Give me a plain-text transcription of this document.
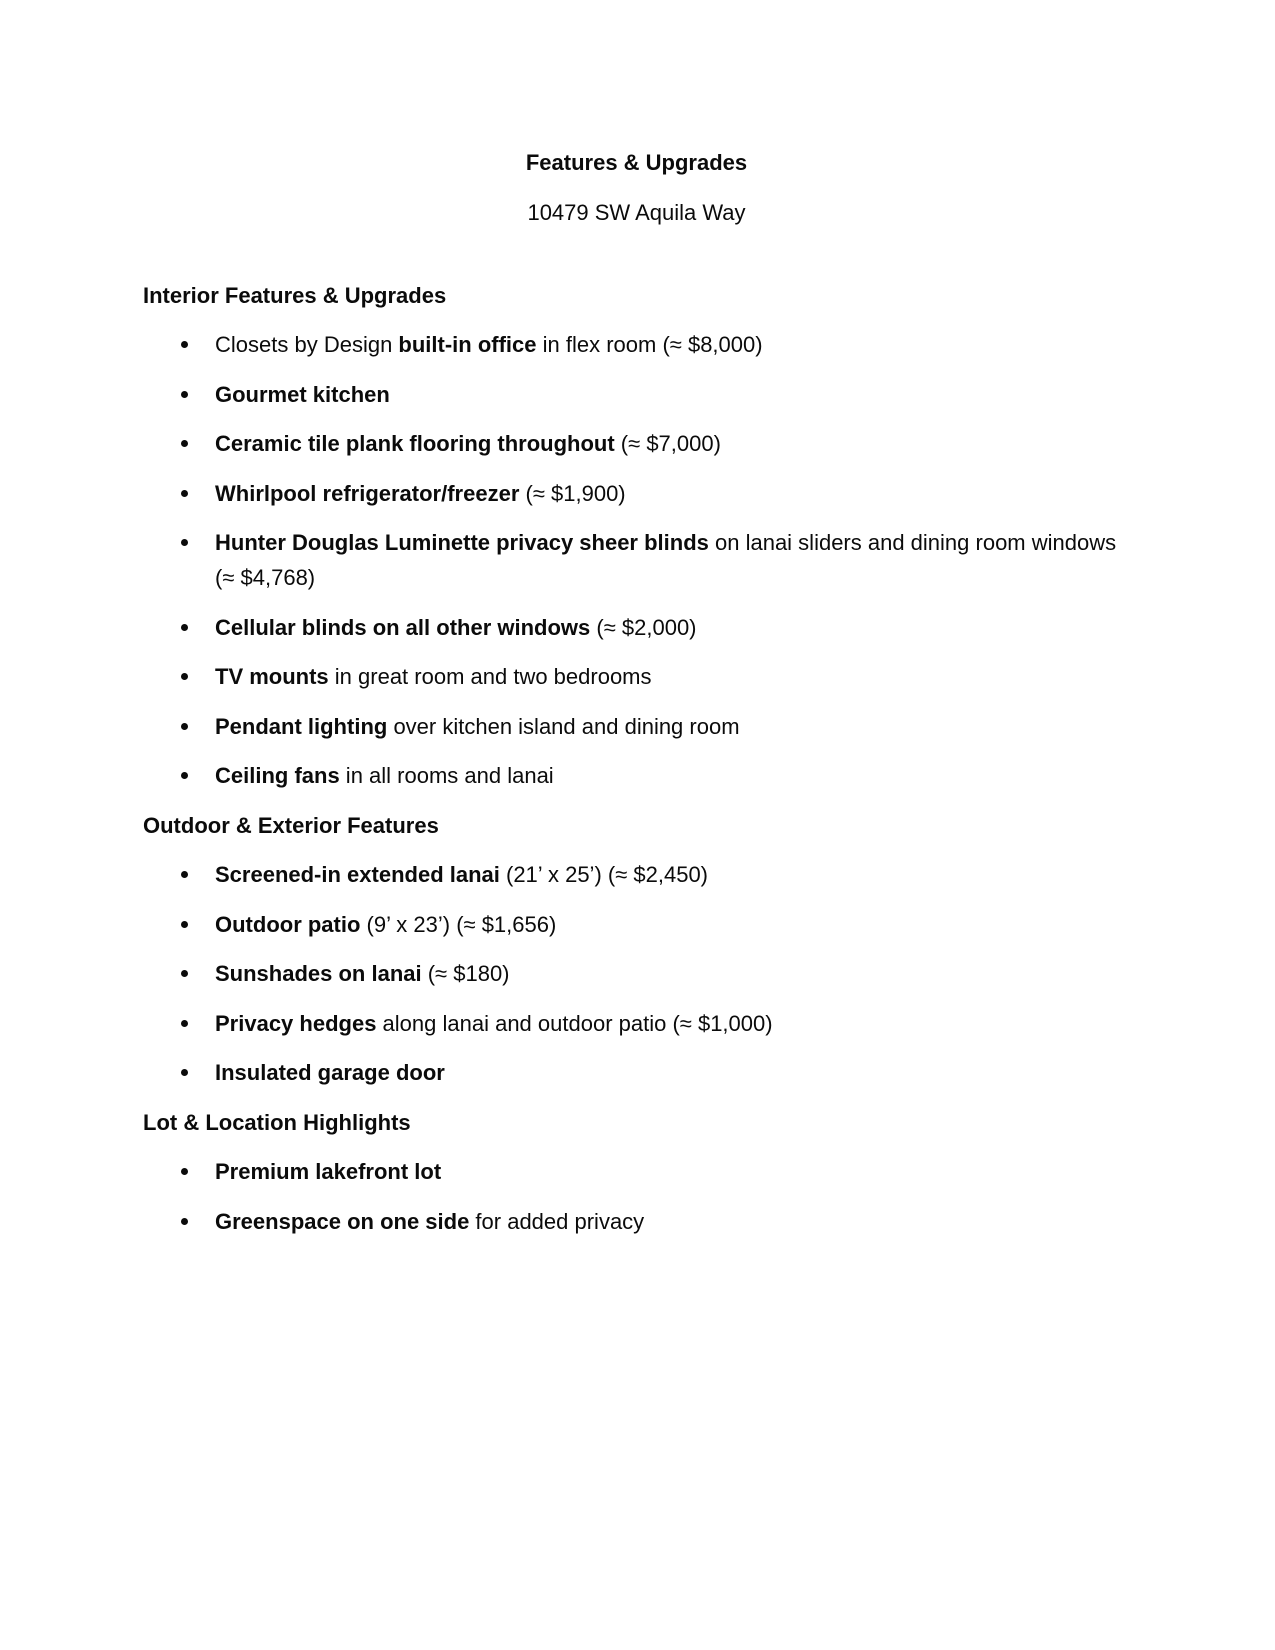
Features & Upgrades

10479 SW Aquila Way

Interior Features & Upgrades

Closets by Design built-in office in flex room (≈ $8,000)
Gourmet kitchen
Ceramic tile plank flooring throughout (≈ $7,000)
Whirlpool refrigerator/freezer (≈ $1,900)
Hunter Douglas Luminette privacy sheer blinds on lanai sliders and dining room windows (≈ $4,768)
Cellular blinds on all other windows (≈ $2,000)
TV mounts in great room and two bedrooms
Pendant lighting over kitchen island and dining room
Ceiling fans in all rooms and lanai

Outdoor & Exterior Features

Screened-in extended lanai (21’ x 25’) (≈ $2,450)
Outdoor patio (9’ x 23’) (≈ $1,656)
Sunshades on lanai (≈ $180)
Privacy hedges along lanai and outdoor patio (≈ $1,000)
Insulated garage door

Lot & Location Highlights

Premium lakefront lot
Greenspace on one side for added privacy
